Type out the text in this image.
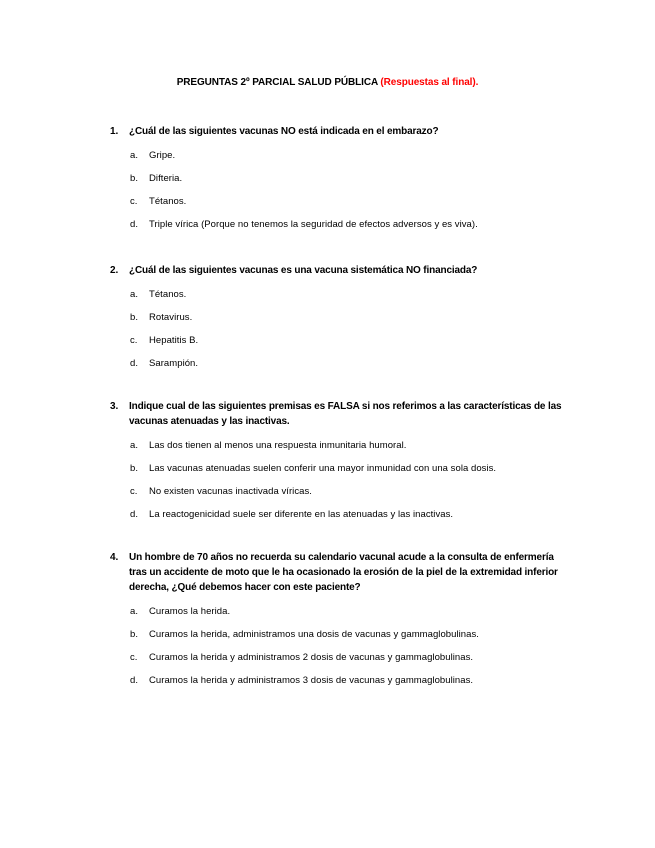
PREGUNTAS 2º PARCIAL SALUD PÚBLICA (Respuestas al final).
1. ¿Cuál de las siguientes vacunas NO está indicada en el embarazo?
a. Gripe.
b. Difteria.
c. Tétanos.
d. Triple vírica (Porque no tenemos la seguridad de efectos adversos y es viva).
2. ¿Cuál de las siguientes vacunas es una vacuna sistemática NO financiada?
a. Tétanos.
b. Rotavirus.
c. Hepatitis B.
d. Sarampión.
3. Indique cual de las siguientes premisas es FALSA si nos referimos a las características de las vacunas atenuadas y las inactivas.
a. Las dos tienen al menos una respuesta inmunitaria humoral.
b. Las vacunas atenuadas suelen conferir una mayor inmunidad con una sola dosis.
c. No existen vacunas inactivada víricas.
d. La reactogenicidad suele ser diferente en las atenuadas y las inactivas.
4. Un hombre de 70 años no recuerda su calendario vacunal acude a la consulta de enfermería tras un accidente de moto que le ha ocasionado la erosión de la piel de la extremidad inferior derecha, ¿Qué debemos hacer con este paciente?
a. Curamos la herida.
b. Curamos la herida, administramos una dosis de vacunas y gammaglobulinas.
c. Curamos la herida y administramos 2 dosis de vacunas y gammaglobulinas.
d. Curamos la herida y administramos 3 dosis de vacunas y gammaglobulinas.
